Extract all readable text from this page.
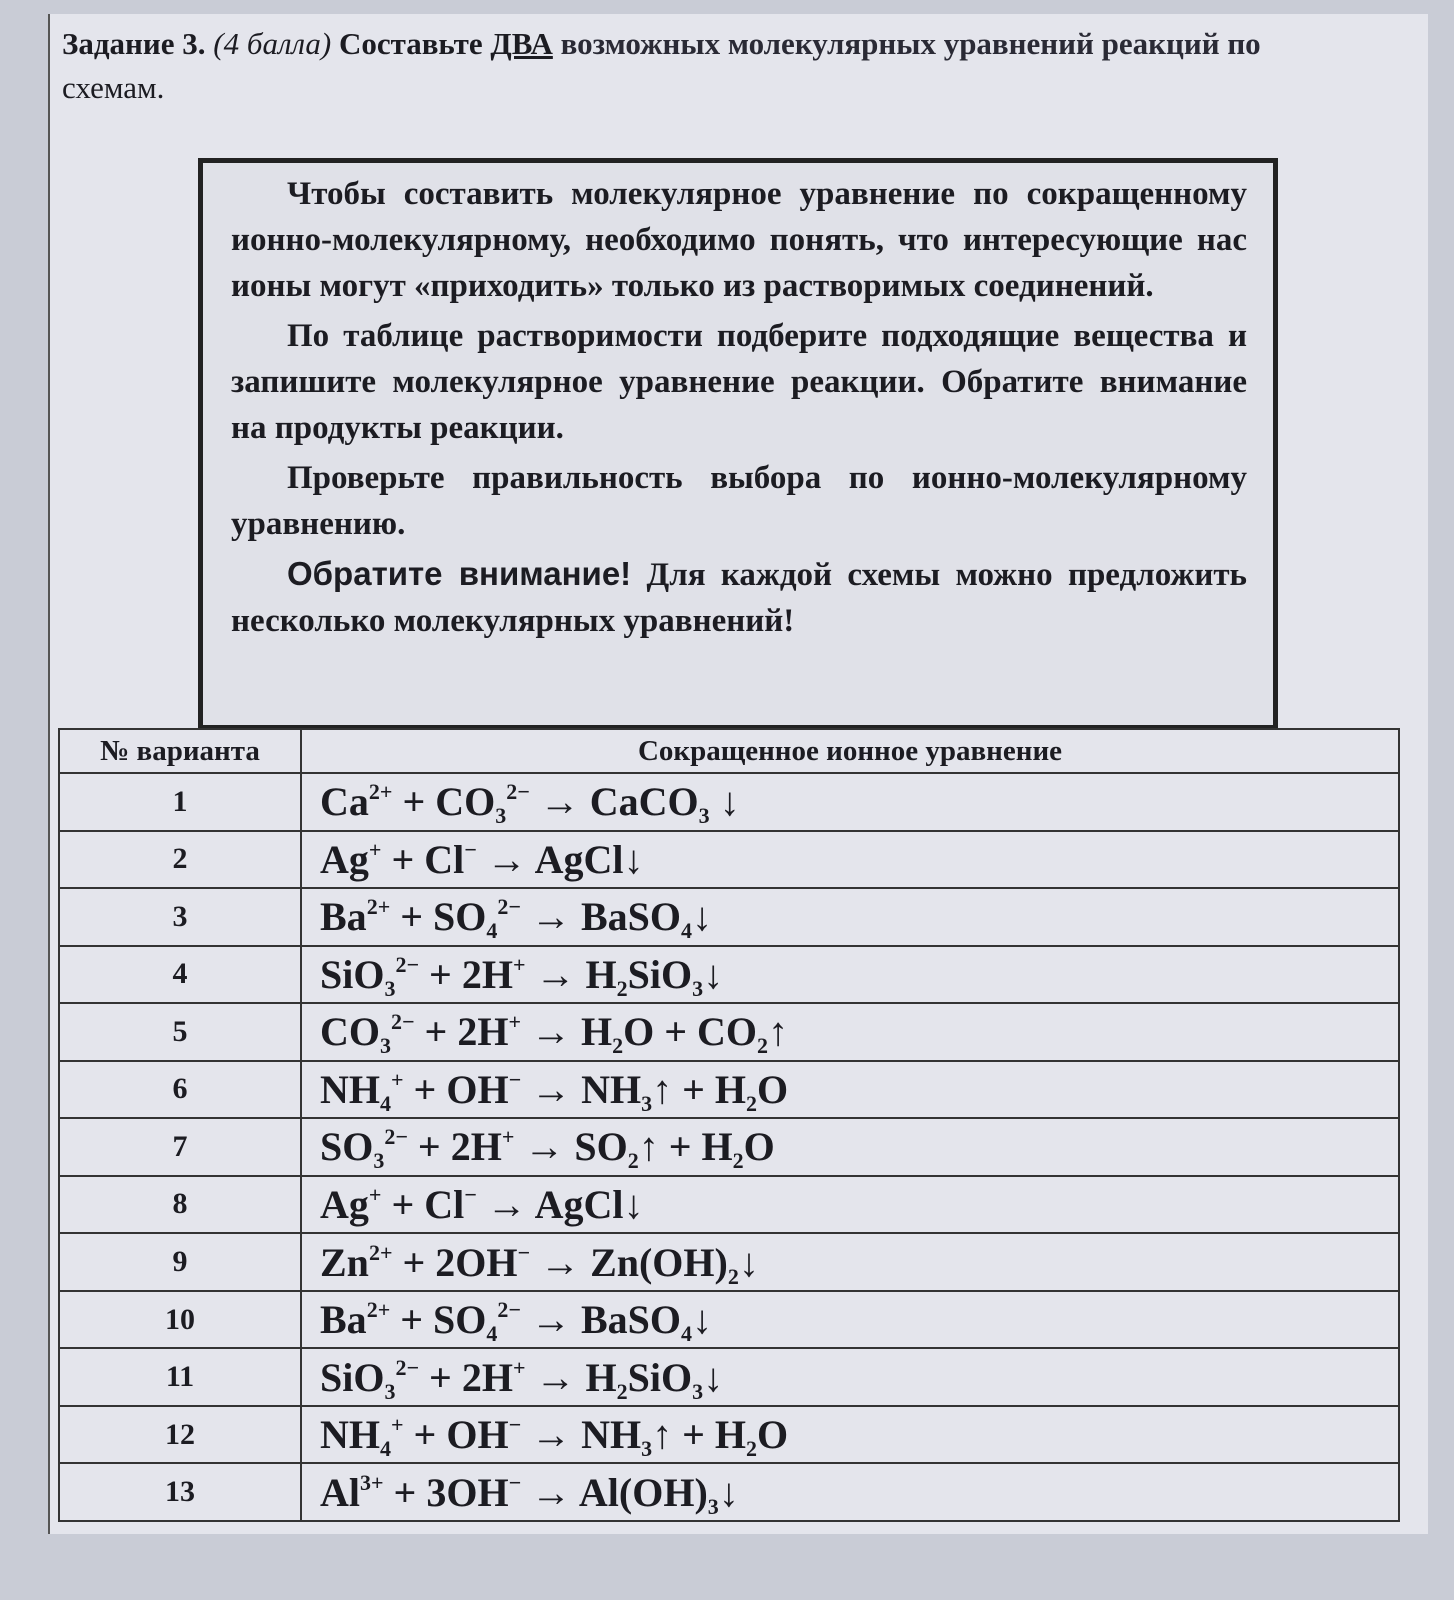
Задание 3. (4 балла) Составьте ДВА возможных молекулярных уравнений реакций по
схемам.

Чтобы составить молекулярное уравнение по сокращенному ионно-молекулярному, необходимо понять, что интересующие нас ионы могут «приходить» только из растворимых соединений.

По таблице растворимости подберите подходящие вещества и запишите молекулярное уравнение реакции. Обратите внимание на продукты реакции.

Проверьте правильность выбора по ионно-молекулярному уравнению.

Обратите внимание! Для каждой схемы можно предложить несколько молекулярных уравнений!

№ варианта	Сокращенное ионное уравнение
1	$Ca^{2+} + CO_3^{2-}$ → CaCO$_3$ ↓
2	Ag+ + Cl− → AgCl↓
3	$Ba^{2+} + SO_4^{2-}$ → BaSO$_4$↓
4	$SiO_3^{2-} + 2H^+ \to H_2SiO_3↓$
5	$CO_3^{2-} + 2H^+ \to H_2O$ + $CO_2↑$
6	$NH_4^+ + OH^-$ → $NH_3↑ + H_2O$
7	$SO_3^{2-} + 2H^+$ → $SO_2↑ + H_2O$
8	Ag+ + Cl− → AgCl↓
9	$Zn^{2+} + 2OH^-$ → $Zn(OH)_2↓$
10	$Ba^{2+} + SO_4^{2-}$ → BaSO$_4$↓
11	$SiO_3^{2-} + 2H^+ \to H_2SiO_3↓$
12	$NH_4^+ + OH^-$ → $NH_3↑ + H_2O$
13	$Al^{3+} + 3OH^-$ → $Al(OH)_3↓$
